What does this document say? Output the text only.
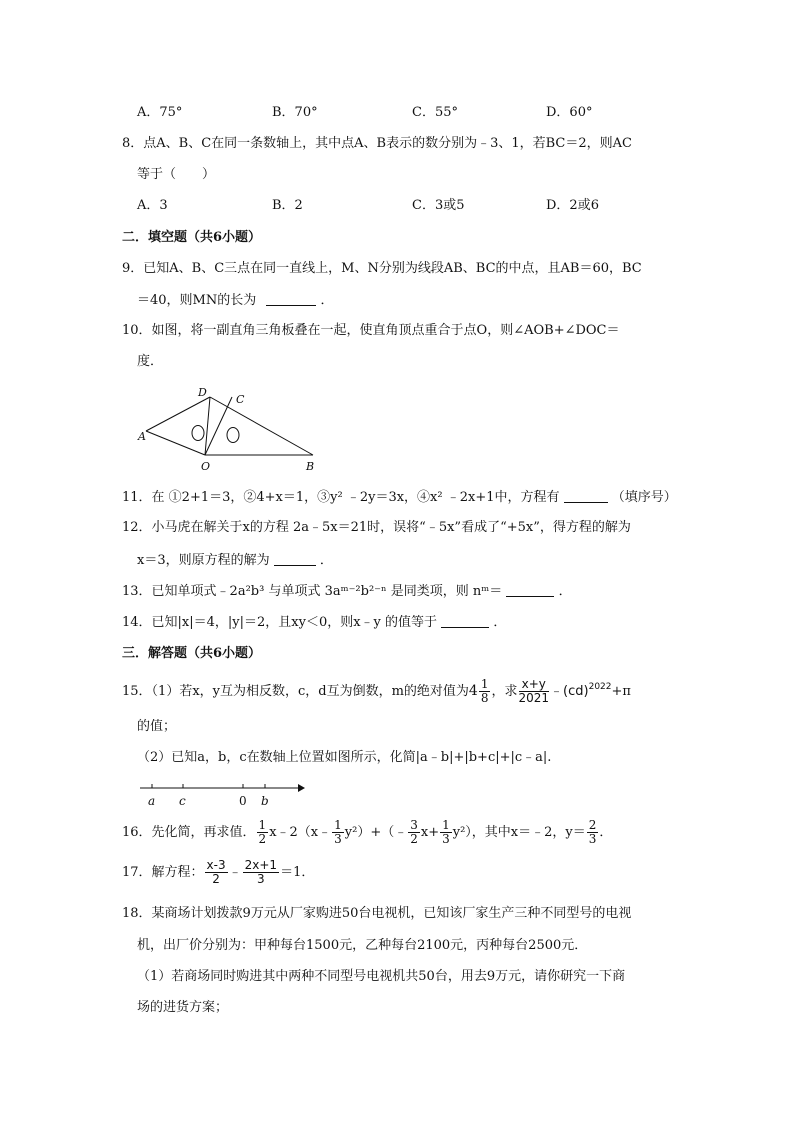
A．75°	B．70°	C．55°	D．60°
8．点A、B、C在同一条数轴上，其中点A、B表示的数分别为﹣3、1，若BC＝2，则AC
等于（　　）
A．3	B．2	C．3或5	D．2或6
二．填空题（共6小题）
9．已知A、B、C三点在同一直线上，M、N分别为线段AB、BC的中点，且AB＝60，BC
＝40，则MN的长为	．
10．如图，将一副直角三角板叠在一起，使直角顶点重合于点O，则∠AOB+∠DOC＝
度．
D
C
A
O	B
11．在 ①2+1＝3，②4+x＝1，③y² ﹣2y＝3x，④x² ﹣2x+1中，方程有	（填序号）
12．小马虎在解关于x的方程 2a﹣5x＝21时，误将“﹣5x”看成了“+5x”，得方程的解为
x＝3，则原方程的解为	．
13．已知单项式﹣2a²b³ 与单项式 3aᵐ⁻²b²⁻ⁿ 是同类项，则 nᵐ＝	．
14．已知|x|＝4，|y|＝2，且xy＜0，则x﹣y 的值等于	．
三．解答题（共6小题）
15．（1）若x，y互为相反数，c，d互为倒数，m的绝对值为$4 \frac{1}{8}$ ，求 $\frac{x+y}{2021}$ ﹣(cd)$^{2022}$+π
的值；
（2）已知a，b，c在数轴上位置如图所示，化简|a﹣b|+|b+c|+|c﹣a|.
a c	0 b
16．先化简，再求值． $\frac{1}{2}$ x﹣2（x﹣ $\frac{1}{3}$ y²）+（﹣ $\frac{3}{2} x+ \frac{1}{3} y^2$），其中x＝﹣2，$y= \frac{2}{3}$ ．
17．解方程： $\frac{x-3}{2}$ ﹣ $\frac{2x+1}{3} =1$．
18．某商场计划拨款9万元从厂家购进50台电视机，已知该厂家生产三种不同型号的电视
机，出厂价分别为：甲种每台1500元，乙种每台2100元，丙种每台2500元．
（1）若商场同时购进其中两种不同型号电视机共50台，用去9万元，请你研究一下商
场的进货方案；
